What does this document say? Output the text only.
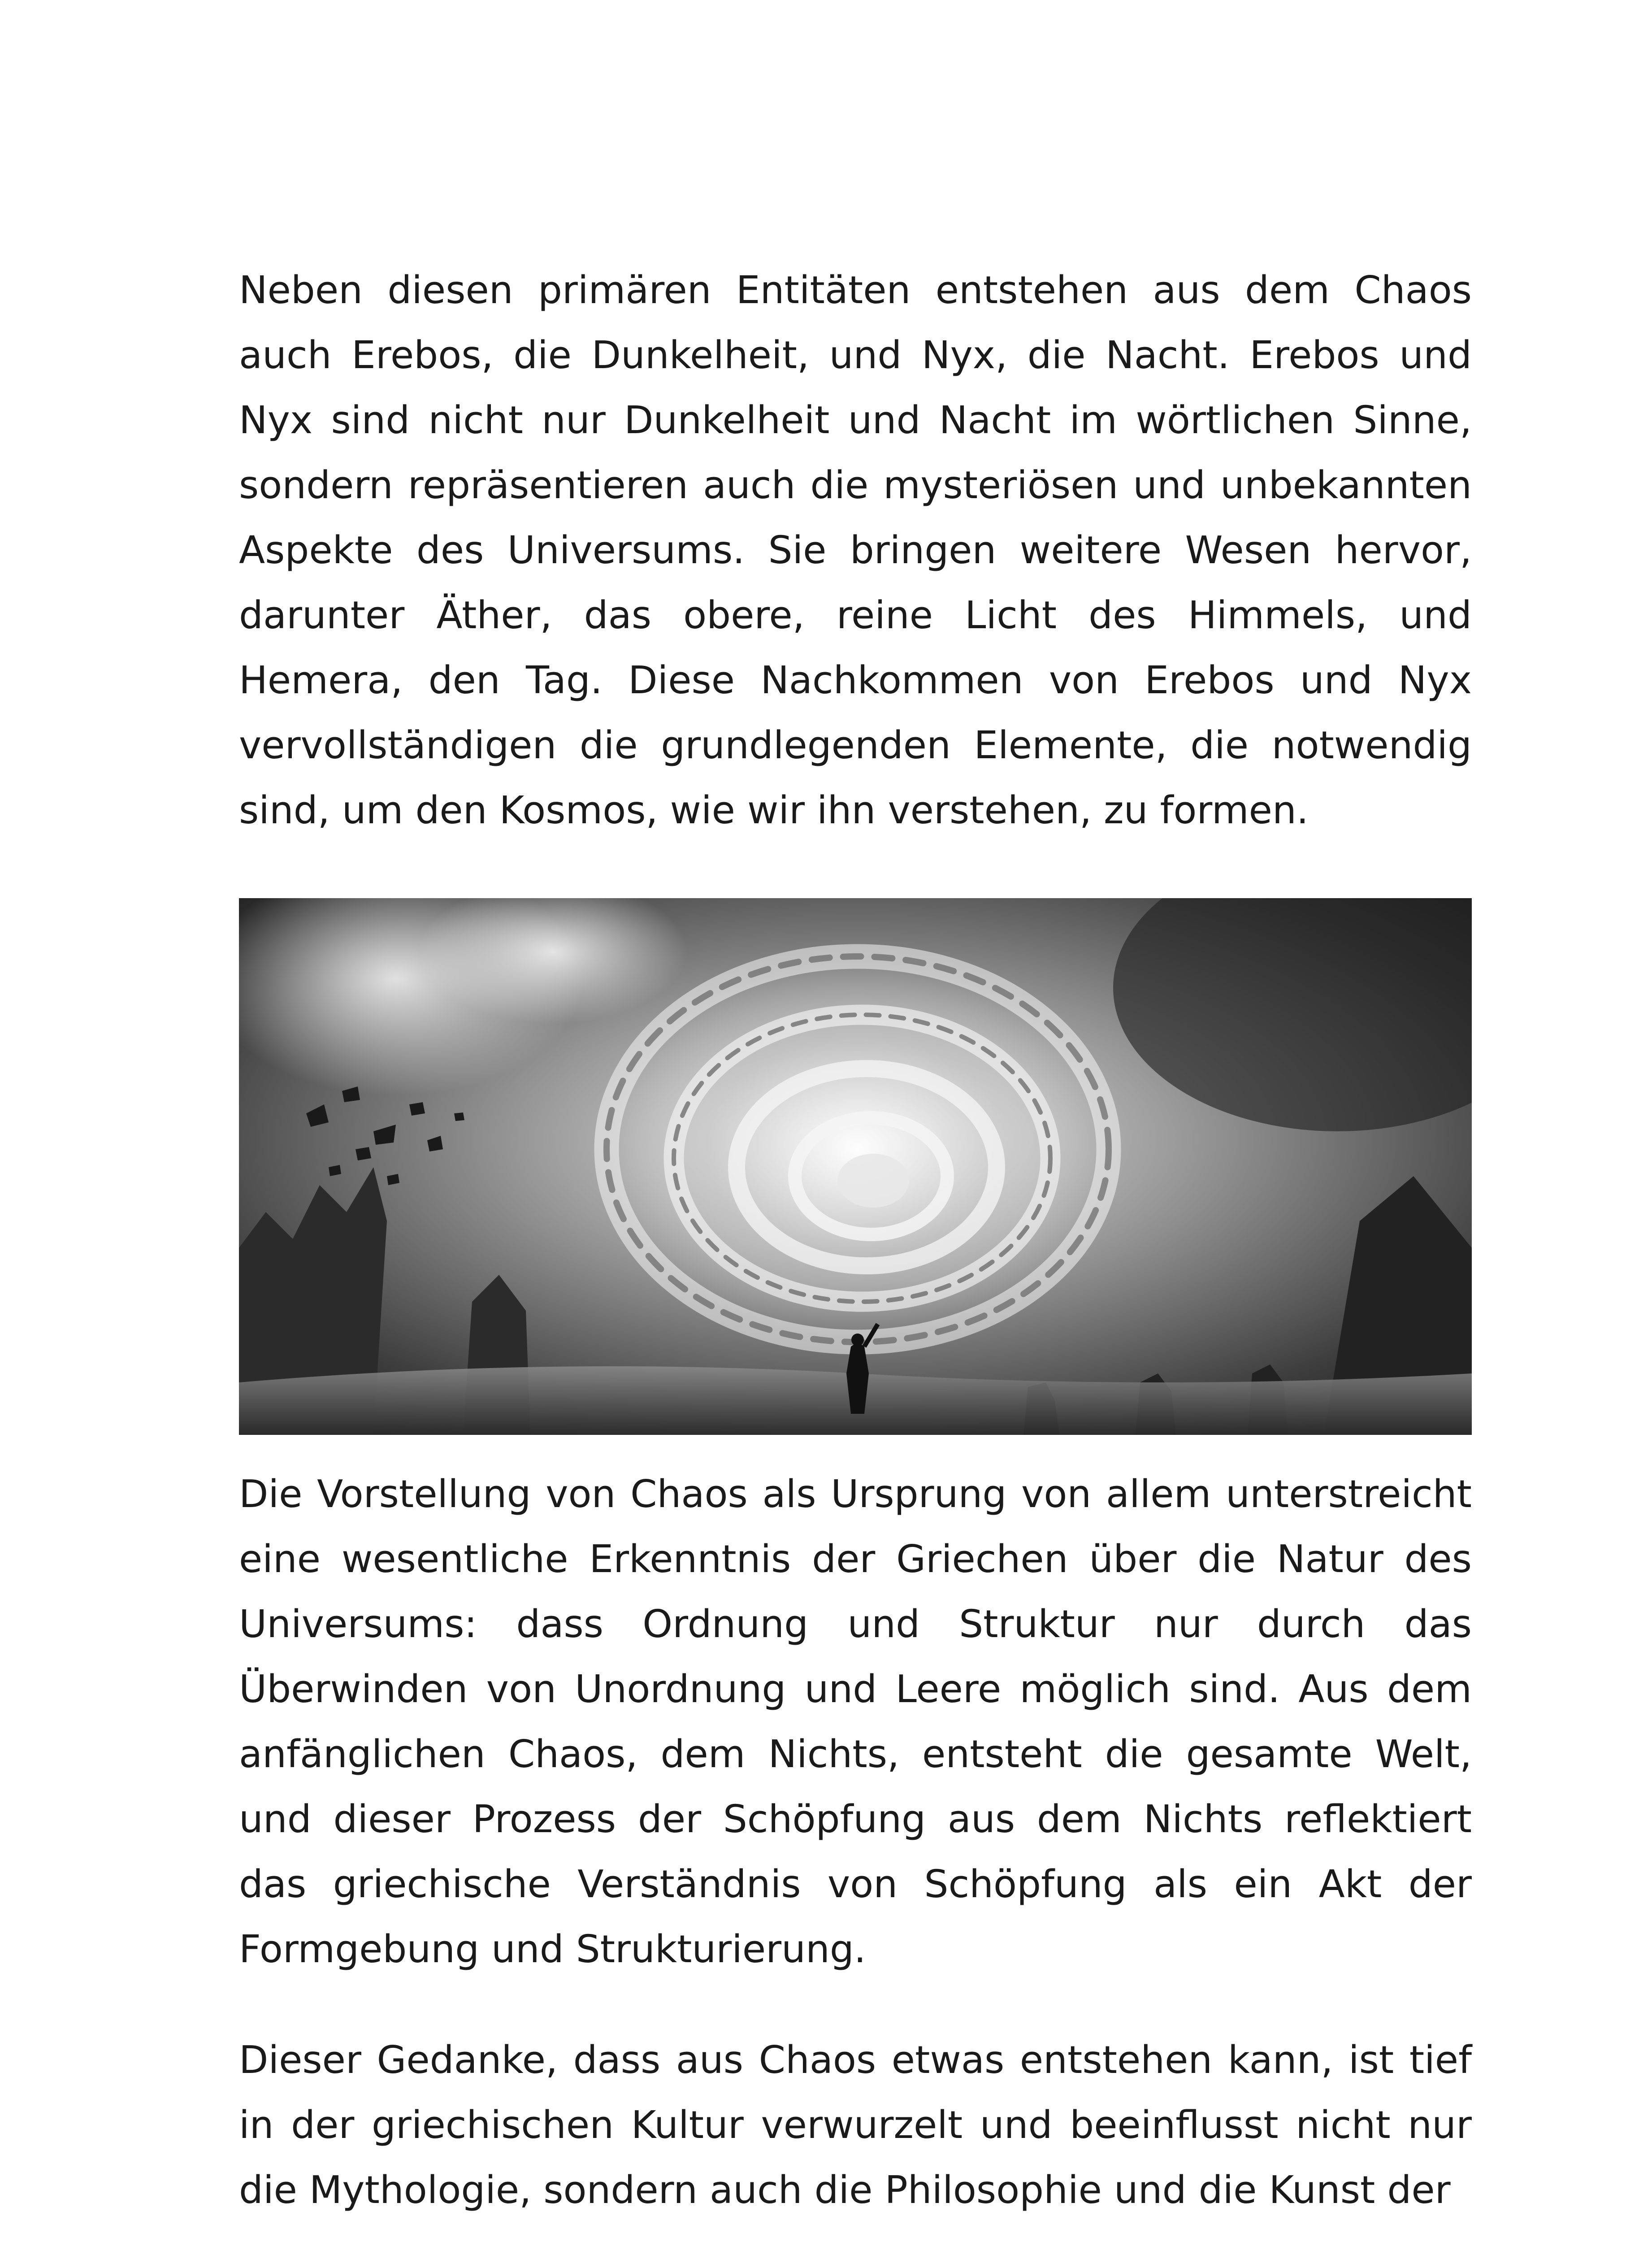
Neben diesen primären Entitäten entstehen aus dem Chaos auch Erebos, die Dunkelheit, und Nyx, die Nacht. Erebos und Nyx sind nicht nur Dunkelheit und Nacht im wörtlichen Sinne, sondern repräsentieren auch die mysteriösen und unbekannten Aspekte des Universums. Sie bringen weitere Wesen hervor, darunter Äther, das obere, reine Licht des Himmels, und Hemera, den Tag. Diese Nachkommen von Erebos und Nyx vervollständigen die grundlegenden Elemente, die notwendig sind, um den Kosmos, wie wir ihn verstehen, zu formen.

Die Vorstellung von Chaos als Ursprung von allem unterstreicht eine wesentliche Erkenntnis der Griechen über die Natur des Universums: dass Ordnung und Struktur nur durch das Überwinden von Unordnung und Leere möglich sind. Aus dem anfänglichen Chaos, dem Nichts, entsteht die gesamte Welt, und dieser Prozess der Schöpfung aus dem Nichts reflektiert das griechische Verständnis von Schöpfung als ein Akt der Formgebung und Strukturierung.

Dieser Gedanke, dass aus Chaos etwas entstehen kann, ist tief in der griechischen Kultur verwurzelt und beeinflusst nicht nur die Mythologie, sondern auch die Philosophie und die Kunst der
